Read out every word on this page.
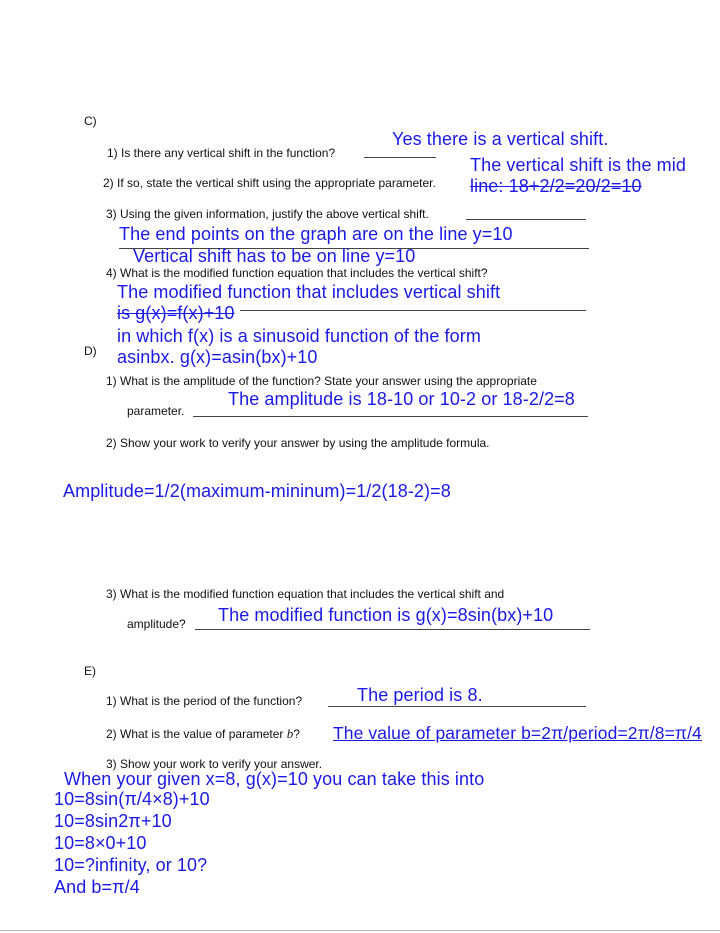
C)
Yes there is a vertical shift.
1) Is there any vertical shift in the function?
The vertical shift is the mid
2) If so, state the vertical shift using the appropriate parameter. line: 18+2/2=20/2=10
3) Using the given information, justify the above vertical shift.
The end points on the graph are on the line y=10
Vertical shift has to be on line y=10
4) What is the modified function equation that includes the vertical shift?
The modified function that includes vertical shift
is g(x)=f(x)+10
in which f(x) is a sinusoid function of the form
asinbx. g(x)=asin(bx)+10
D)
1) What is the amplitude of the function? State your answer using the appropriate
The amplitude is 18-10 or 10-2 or 18-2/2=8
parameter.
2) Show your work to verify your answer by using the amplitude formula.
Amplitude=1/2(maximum-mininum)=1/2(18-2)=8
3) What is the modified function equation that includes the vertical shift and
The modified function is g(x)=8sin(bx)+10
amplitude?
E)
1) What is the period of the function?	The period is 8.
2) What is the value of parameter b? The value of parameter b=2π/period=2π/8=π/4
3) Show your work to verify your answer.
When your given x=8, g(x)=10 you can take this into
10=8sin(π/4×8)+10
10=8sin2π+10
10=8×0+10
10=?infinity, or 10?
And b=π/4
